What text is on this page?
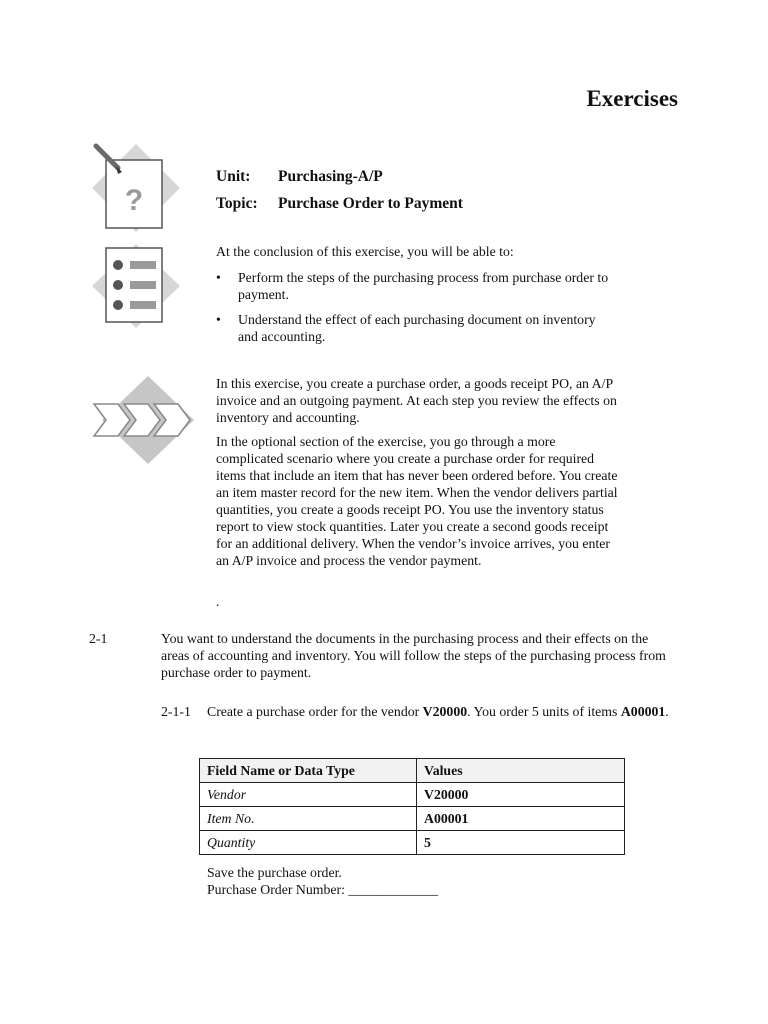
Exercises
?
Unit: Purchasing-A/P
Topic: Purchase Order to Payment
At the conclusion of this exercise, you will be able to:
• Perform the steps of the purchasing process from purchase order to payment.
• Understand the effect of each purchasing document on inventory and accounting.
In this exercise, you create a purchase order, a goods receipt PO, an A/P invoice and an outgoing payment. At each step you review the effects on inventory and accounting.
In the optional section of the exercise, you go through a more complicated scenario where you create a purchase order for required items that include an item that has never been ordered before. You create an item master record for the new item. When the vendor delivers partial quantities, you create a goods receipt PO. You use the inventory status report to view stock quantities. Later you create a second goods receipt for an additional delivery. When the vendor’s invoice arrives, you enter an A/P invoice and process the vendor payment.
.
2-1	You want to understand the documents in the purchasing process and their effects on the areas of accounting and inventory. You will follow the steps of the purchasing process from purchase order to payment.
2-1-1 Create a purchase order for the vendor V20000. You order 5 units of items A00001.
Field Name or Data Type	Values
Vendor	V20000
Item No.	A00001
Quantity	5
Save the purchase order.
Purchase Order Number: _____________
